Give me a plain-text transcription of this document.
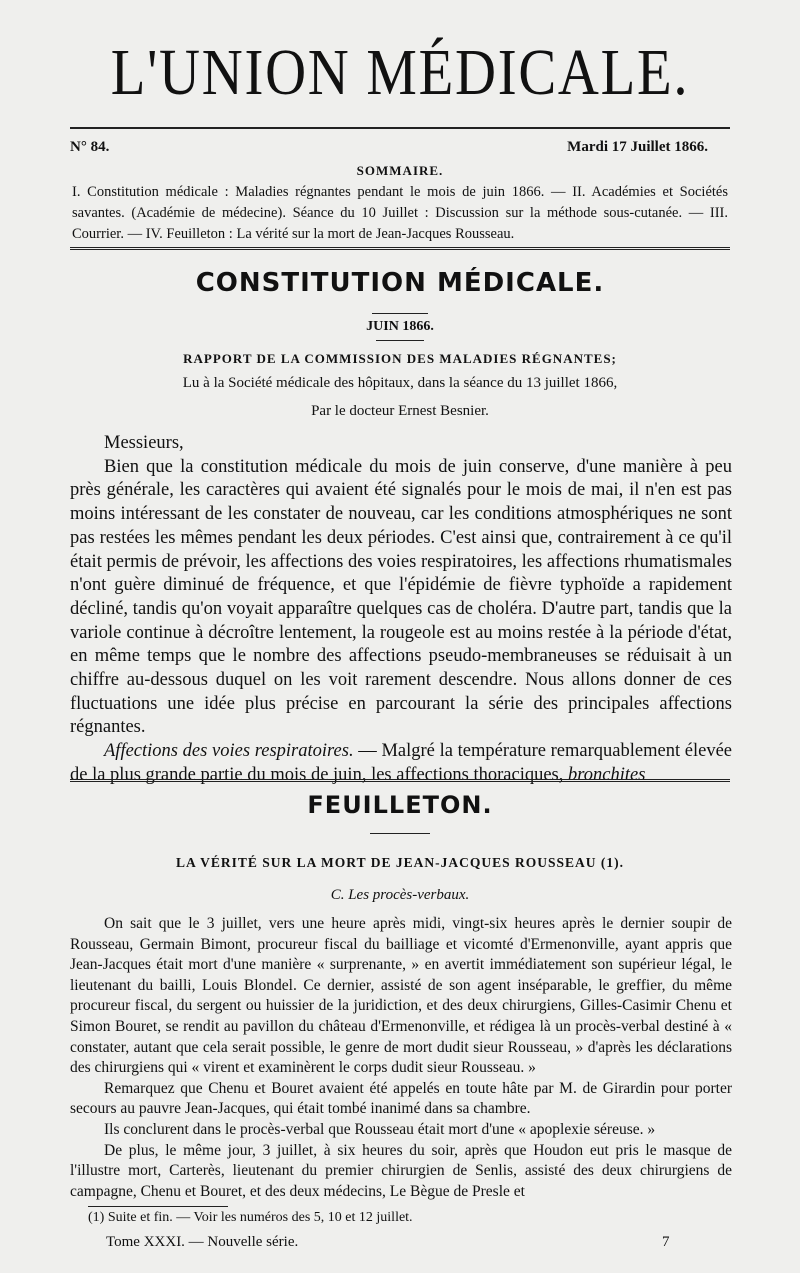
L'UNION MÉDICALE.
N° 84.	Mardi 17 Juillet 1866.
SOMMAIRE.
I. Constitution médicale : Maladies régnantes pendant le mois de juin 1866. — II. Académies et Sociétés savantes. (Académie de médecine). Séance du 10 Juillet : Discussion sur la méthode sous-cutanée. — III. Courrier. — IV. Feuilleton : La vérité sur la mort de Jean-Jacques Rousseau.
CONSTITUTION MÉDICALE.
JUIN 1866.
RAPPORT DE LA COMMISSION DES MALADIES RÉGNANTES;
Lu à la Société médicale des hôpitaux, dans la séance du 13 juillet 1866,
Par le docteur Ernest Besnier.

Messieurs,

Bien que la constitution médicale du mois de juin conserve, d'une manière à peu près générale, les caractères qui avaient été signalés pour le mois de mai, il n'en est pas moins intéressant de les constater de nouveau, car les conditions atmosphériques ne sont pas restées les mêmes pendant les deux périodes. C'est ainsi que, contrairement à ce qu'il était permis de prévoir, les affections des voies respiratoires, les affections rhumatismales n'ont guère diminué de fréquence, et que l'épidémie de fièvre typhoïde a rapidement décliné, tandis qu'on voyait apparaître quelques cas de choléra. D'autre part, tandis que la variole continue à décroître lentement, la rougeole est au moins restée à la période d'état, en même temps que le nombre des affections pseudo-membraneuses se réduisait à un chiffre au-dessous duquel on les voit rarement descendre. Nous allons donner de ces fluctuations une idée plus précise en parcourant la série des principales affections régnantes.

Affections des voies respiratoires. — Malgré la température remarquablement élevée de la plus grande partie du mois de juin, les affections thoraciques, bronchites

FEUILLETON.
LA VÉRITÉ SUR LA MORT DE JEAN-JACQUES ROUSSEAU (1).
C. Les procès-verbaux.

On sait que le 3 juillet, vers une heure après midi, vingt-six heures après le dernier soupir de Rousseau, Germain Bimont, procureur fiscal du bailliage et vicomté d'Ermenonville, ayant appris que Jean-Jacques était mort d'une manière « surprenante, » en avertit immédiatement son supérieur légal, le lieutenant du bailli, Louis Blondel. Ce dernier, assisté de son agent inséparable, le greffier, du même procureur fiscal, du sergent ou huissier de la juridiction, et des deux chirurgiens, Gilles-Casimir Chenu et Simon Bouret, se rendit au pavillon du château d'Ermenonville, et rédigea là un procès-verbal destiné à « constater, autant que cela serait possible, le genre de mort dudit sieur Rousseau, » d'après les déclarations des chirurgiens qui « virent et examinèrent le corps dudit sieur Rousseau. »

Remarquez que Chenu et Bouret avaient été appelés en toute hâte par M. de Girardin pour porter secours au pauvre Jean-Jacques, qui était tombé inanimé dans sa chambre.

Ils conclurent dans le procès-verbal que Rousseau était mort d'une « apoplexie séreuse. »

De plus, le même jour, 3 juillet, à six heures du soir, après que Houdon eut pris le masque de l'illustre mort, Carterès, lieutenant du premier chirurgien de Senlis, assisté des deux chirurgiens de campagne, Chenu et Bouret, et des deux médecins, Le Bègue de Presle et

(1) Suite et fin. — Voir les numéros des 5, 10 et 12 juillet.
Tome XXXI. — Nouvelle série.	7
